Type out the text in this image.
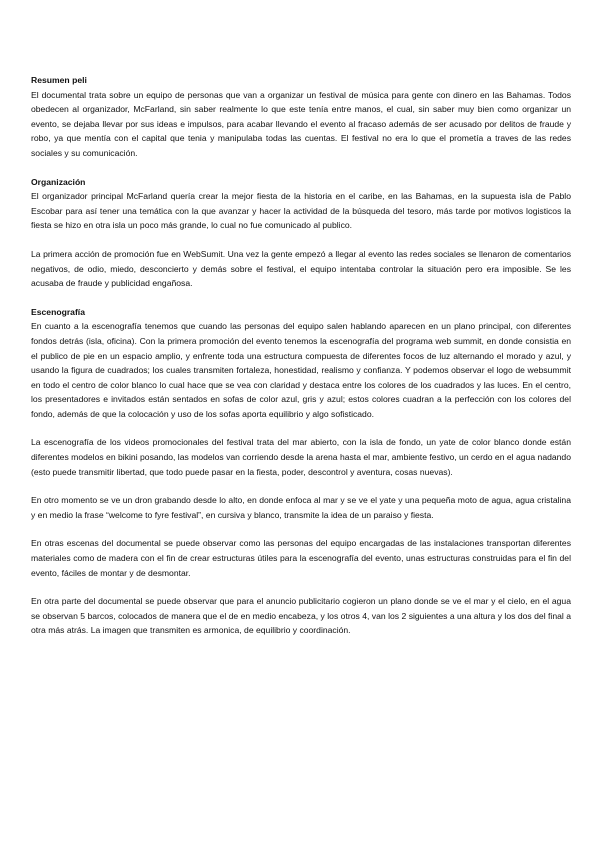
Resumen peli

El documental trata sobre un equipo de personas que van a organizar un festival de música para gente con dinero en las Bahamas. Todos obedecen al organizador, McFarland, sin saber realmente lo que este tenía entre manos, el cual, sin saber muy bien como organizar un evento, se dejaba llevar por sus ideas e impulsos, para acabar llevando el evento al fracaso además de ser acusado por delitos de fraude y robo, ya que mentía con el capital que tenia y manipulaba todas las cuentas. El festival no era lo que el prometía a traves de las redes sociales y su comunicación.

Organización

El organizador principal McFarland quería crear la mejor fiesta de la historia en el caribe, en las Bahamas, en la supuesta isla de Pablo Escobar para así tener una temática con la que avanzar y hacer la actividad de la búsqueda del tesoro, más tarde por motivos logisticos la fiesta se hizo en otra isla un poco más grande, lo cual no fue comunicado al publico.

La primera acción de promoción fue en WebSumit. Una vez la gente empezó a llegar al evento las redes sociales se llenaron de comentarios negativos, de odio, miedo, desconcierto y demás sobre el festival, el equipo intentaba controlar la situación pero era imposible. Se les acusaba de fraude y publicidad engañosa.

Escenografía

En cuanto a la escenografía tenemos que cuando las personas del equipo salen hablando aparecen en un plano principal, con diferentes fondos detrás (isla, oficina). Con la primera promoción del evento tenemos la escenografía del programa web summit, en donde consistia en el publico de pie en un espacio amplio, y enfrente toda una estructura compuesta de diferentes focos de luz alternando el morado y azul, y usando la figura de cuadrados; los cuales transmiten fortaleza, honestidad, realismo y confianza. Y podemos observar el logo de websummit en todo el centro de color blanco lo cual hace que se vea con claridad y destaca entre los colores de los cuadrados y las luces. En el centro, los presentadores e invitados están sentados en sofas de color azul, gris y azul; estos colores cuadran a la perfección con los colores del fondo, además de que la colocación y uso de los sofas aporta equilibrio y algo sofisticado.

La escenografía de los videos promocionales del festival trata del mar abierto, con la isla de fondo, un yate de color blanco donde están diferentes modelos en bikini posando, las modelos van corriendo desde la arena hasta el mar, ambiente festivo, un cerdo en el agua nadando (esto puede transmitir libertad, que todo puede pasar en la fiesta, poder, descontrol y aventura, cosas nuevas).

En otro momento se ve un dron grabando desde lo alto, en donde enfoca al mar y se ve el yate y una pequeña moto de agua, agua cristalina y en medio la frase “welcome to fyre festival”, en cursiva y blanco, transmite la idea de un paraiso y fiesta.

En otras escenas del documental se puede observar como las personas del equipo encargadas de las instalaciones transportan diferentes materiales como de madera con el fin de crear estructuras útiles para la escenografía del evento, unas estructuras construidas para el fin del evento, fáciles de montar y de desmontar.

En otra parte del documental se puede observar que para el anuncio publicitario cogieron un plano donde se ve el mar y el cielo, en el agua se observan 5 barcos, colocados de manera que el de en medio encabeza, y los otros 4, van los 2 siguientes a una altura y los dos del final a otra más atrás. La imagen que transmiten es armonica, de equilibrio y coordinación.
